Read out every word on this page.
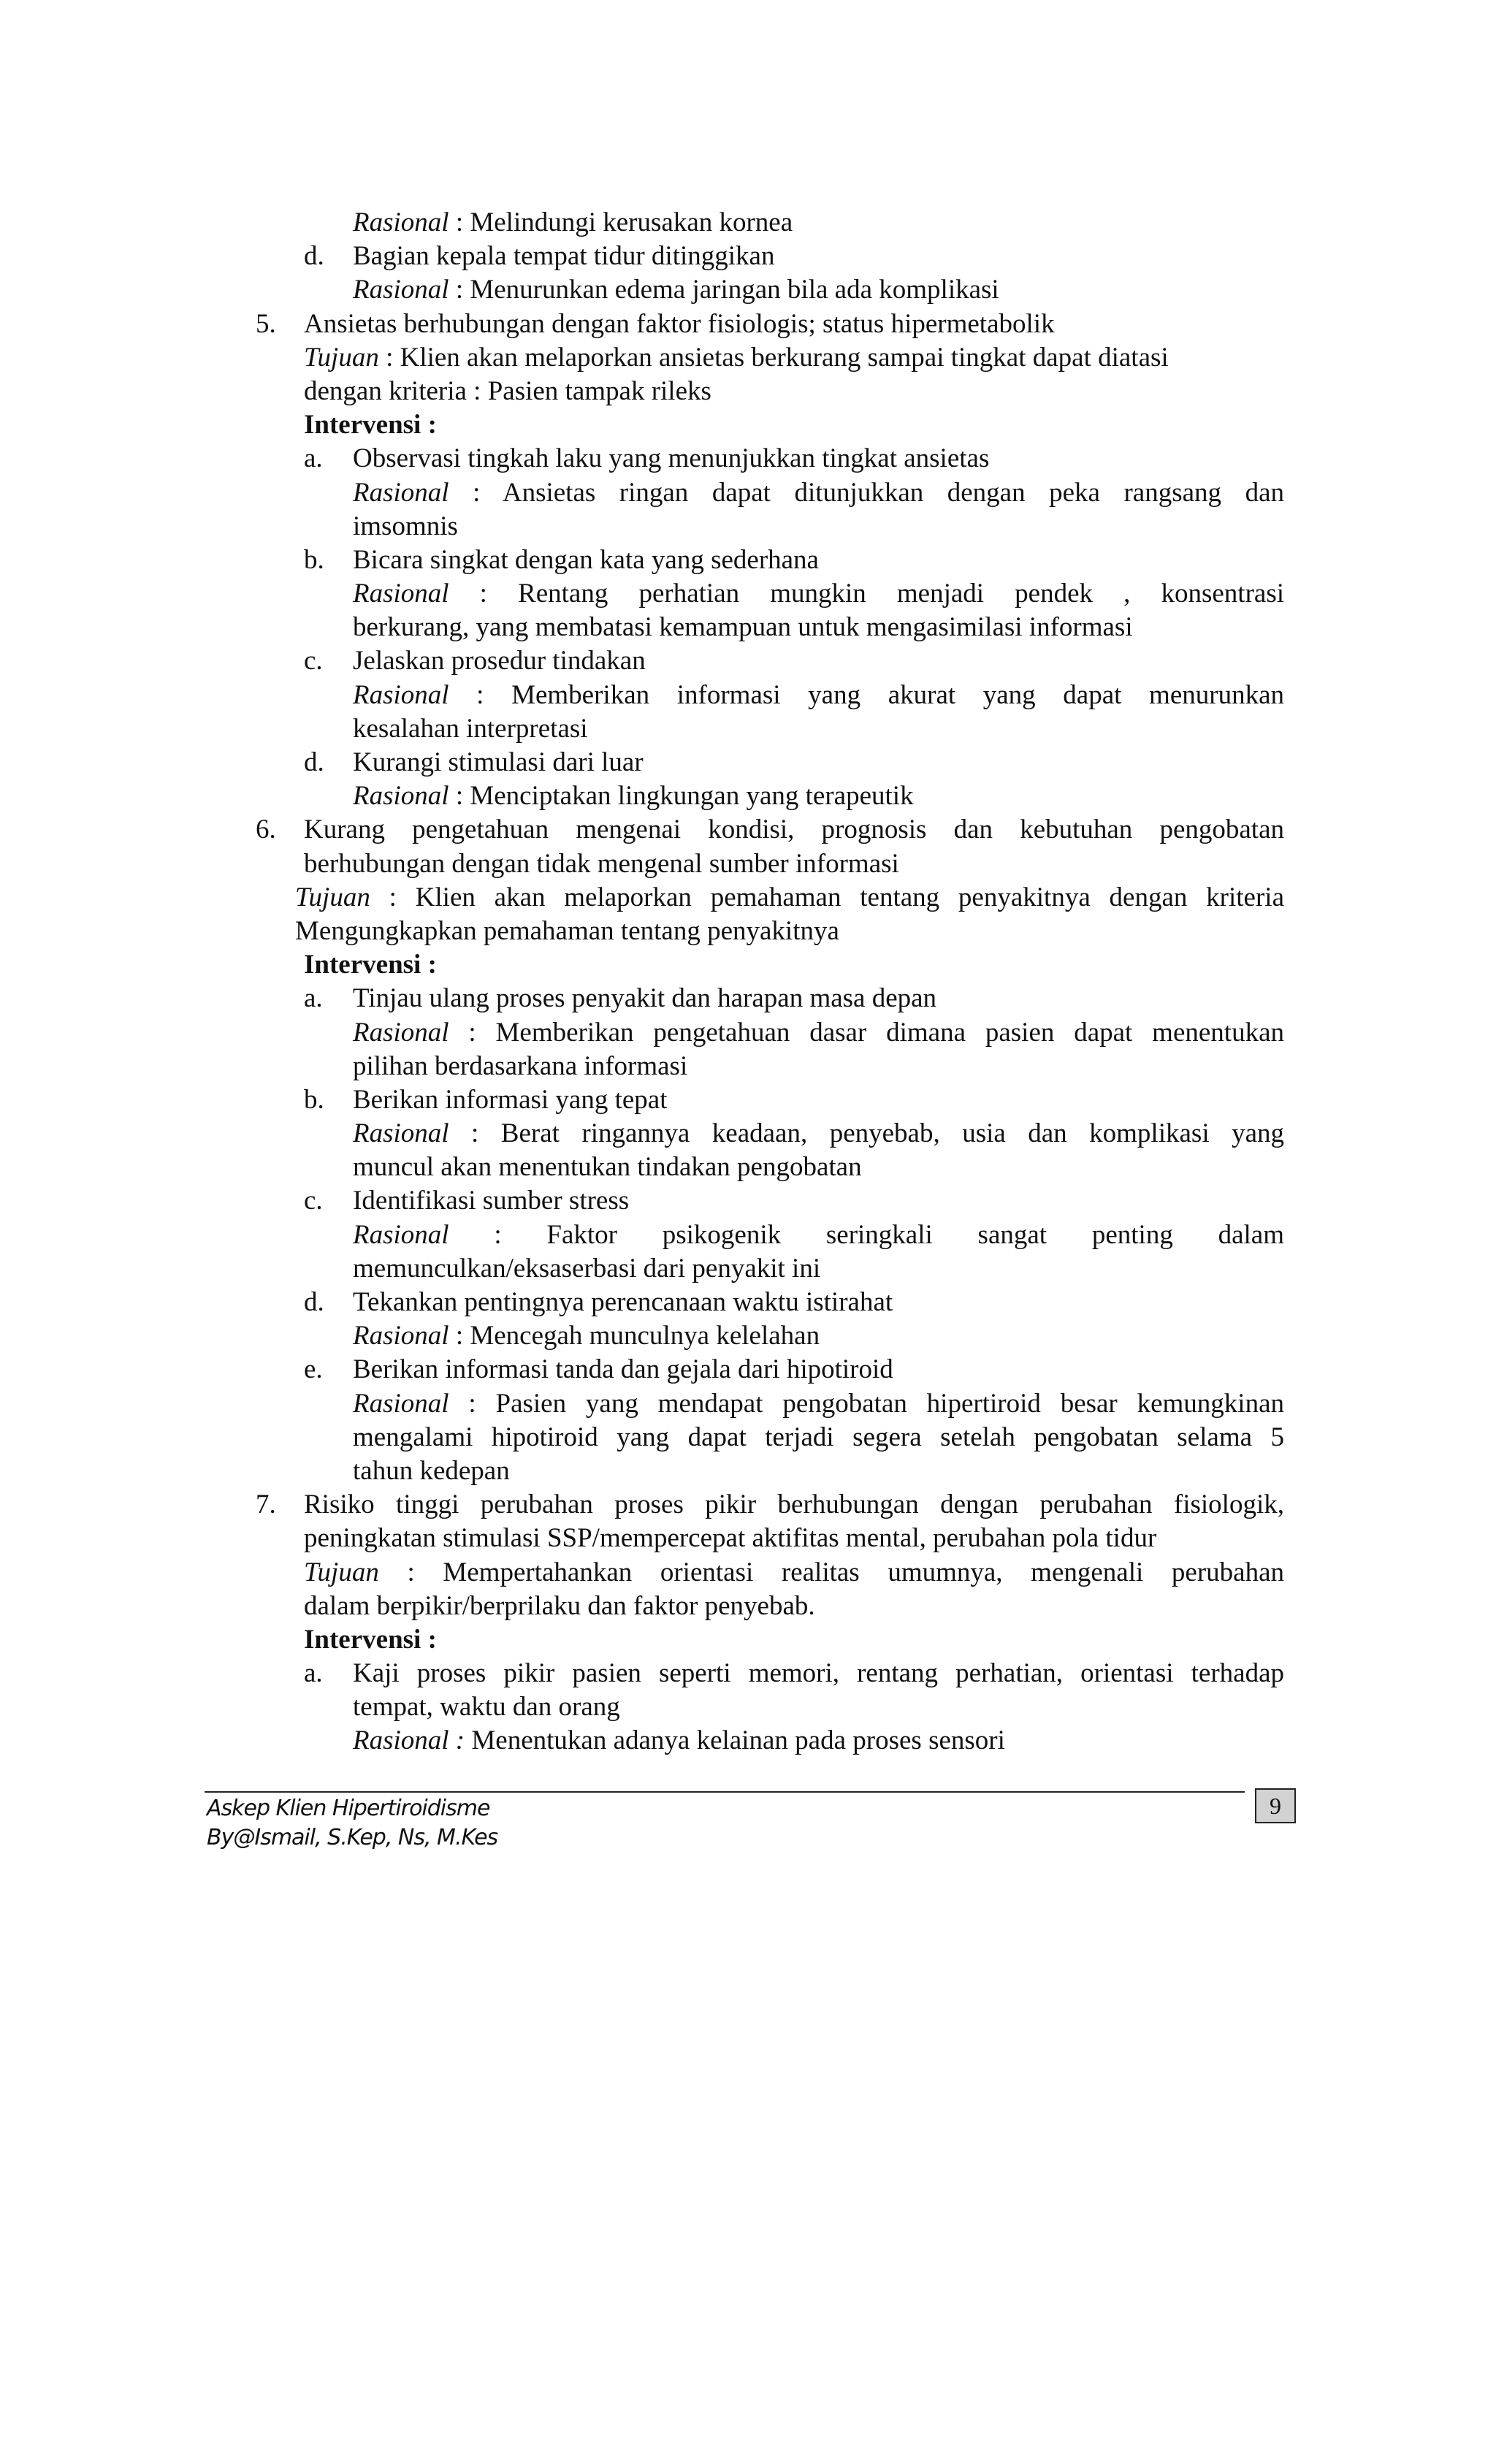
Rasional : Melindungi kerusakan kornea
d.	Bagian kepala tempat tidur ditinggikan
Rasional : Menurunkan edema jaringan bila ada komplikasi
5.	Ansietas berhubungan dengan faktor fisiologis; status hipermetabolik
Tujuan : Klien akan melaporkan ansietas berkurang sampai tingkat dapat diatasi
dengan kriteria : Pasien tampak rileks
Intervensi :
a.	Observasi tingkah laku yang menunjukkan tingkat ansietas
Rasional : Ansietas ringan dapat ditunjukkan dengan peka rangsang dan
imsomnis
b.	Bicara singkat dengan kata yang sederhana
Rasional : Rentang perhatian mungkin menjadi pendek , konsentrasi
berkurang, yang membatasi kemampuan untuk mengasimilasi informasi
c.	Jelaskan prosedur tindakan
Rasional : Memberikan informasi yang akurat yang dapat menurunkan
kesalahan interpretasi
d.	Kurangi stimulasi dari luar
Rasional : Menciptakan lingkungan yang terapeutik
6.	Kurang pengetahuan mengenai kondisi, prognosis dan kebutuhan pengobatan
berhubungan dengan tidak mengenal sumber informasi
Tujuan : Klien akan melaporkan pemahaman tentang penyakitnya dengan kriteria
Mengungkapkan pemahaman tentang penyakitnya
Intervensi :
a.	Tinjau ulang proses penyakit dan harapan masa depan
Rasional : Memberikan pengetahuan dasar dimana pasien dapat menentukan
pilihan berdasarkana informasi
b.	Berikan informasi yang tepat
Rasional : Berat ringannya keadaan, penyebab, usia dan komplikasi yang
muncul akan menentukan tindakan pengobatan
c.	Identifikasi sumber stress
Rasional : Faktor psikogenik seringkali sangat penting dalam
memunculkan/eksaserbasi dari penyakit ini
d.	Tekankan pentingnya perencanaan waktu istirahat
Rasional : Mencegah munculnya kelelahan
e.	Berikan informasi tanda dan gejala dari hipotiroid
Rasional : Pasien yang mendapat pengobatan hipertiroid besar kemungkinan
mengalami hipotiroid yang dapat terjadi segera setelah pengobatan selama 5
tahun kedepan
7.	Risiko tinggi perubahan proses pikir berhubungan dengan perubahan fisiologik,
peningkatan stimulasi SSP/mempercepat aktifitas mental, perubahan pola tidur
Tujuan : Mempertahankan orientasi realitas umumnya, mengenali perubahan
dalam berpikir/berprilaku dan faktor penyebab.
Intervensi :
a.	Kaji proses pikir pasien seperti memori, rentang perhatian, orientasi terhadap
tempat, waktu dan orang
Rasional : Menentukan adanya kelainan pada proses sensori
Askep Klien Hipertiroidisme
By@Ismail, S.Kep, Ns, M.Kes
9
